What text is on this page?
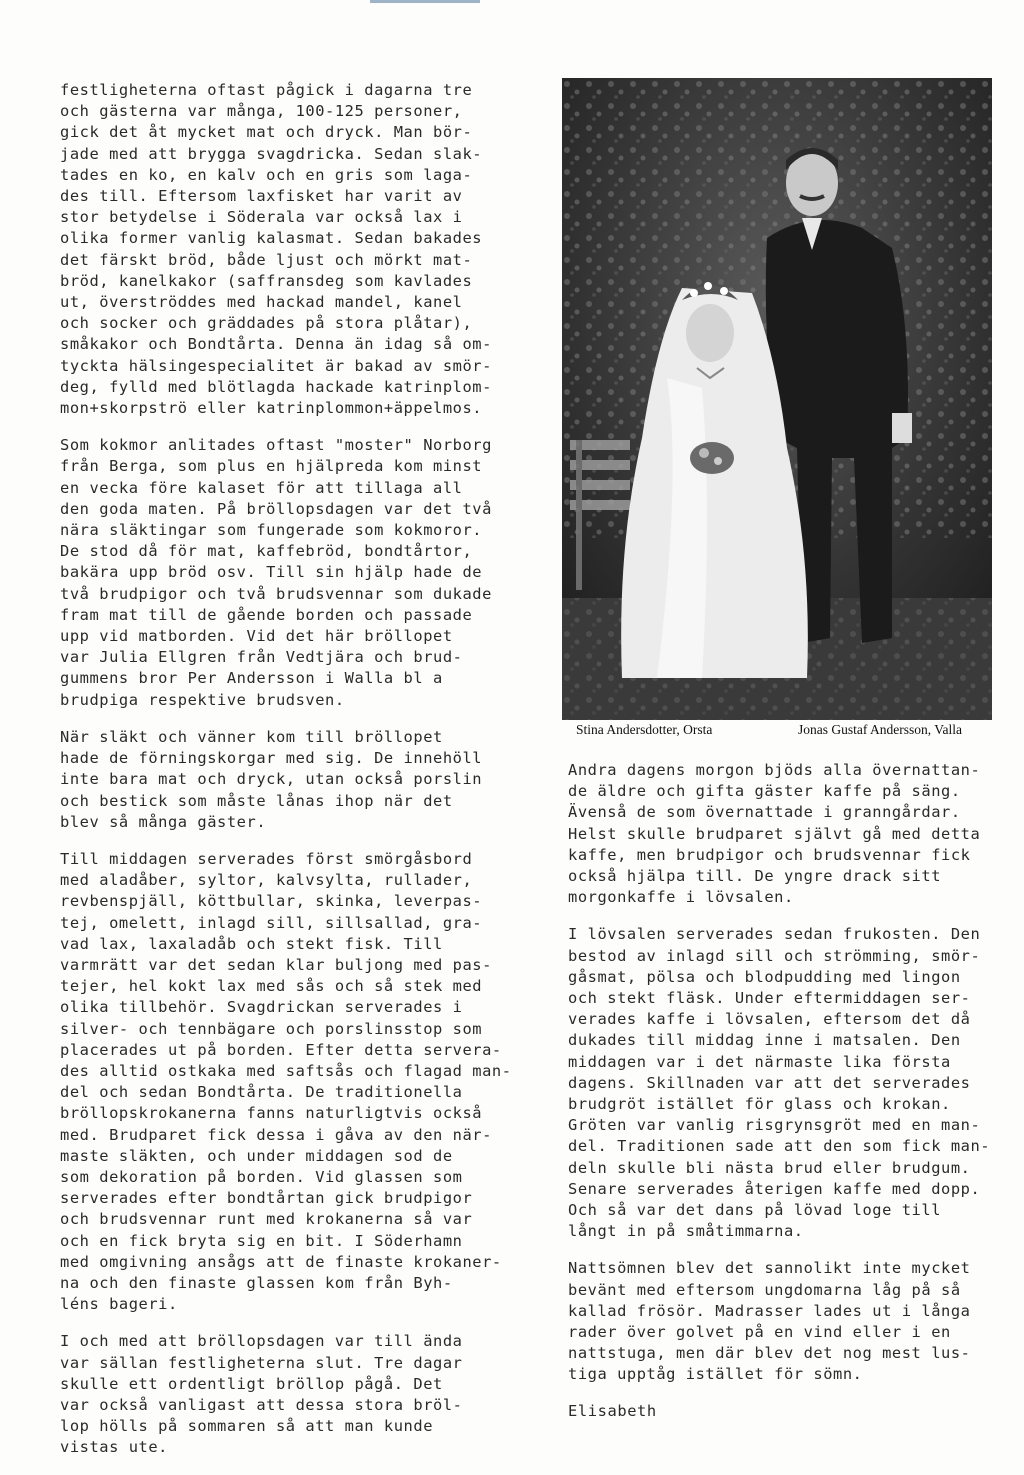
festligheterna oftast pågick i dagarna tre
och gästerna var många, 100-125 personer,
gick det åt mycket mat och dryck. Man bör-
jade med att brygga svagdricka. Sedan slak-
tades en ko, en kalv och en gris som laga-
des till. Eftersom laxfisket har varit av
stor betydelse i Söderala var också lax i
olika former vanlig kalasmat. Sedan bakades
det färskt bröd, både ljust och mörkt mat-
bröd, kanelkakor (saffransdeg som kavlades
ut, överströddes med hackad mandel, kanel
och socker och gräddades på stora plåtar),
småkakor och Bondtårta. Denna än idag så om-
tyckta hälsingespecialitet är bakad av smör-
deg, fylld med blötlagda hackade katrinplom-
mon+skorpströ eller katrinplommon+äppelmos.

Som kokmor anlitades oftast "moster" Norborg
från Berga, som plus en hjälpreda kom minst
en vecka före kalaset för att tillaga all
den goda maten. På bröllopsdagen var det två
nära släktingar som fungerade som kokmoror.
De stod då för mat, kaffebröd, bondtårtor,
bakära upp bröd osv. Till sin hjälp hade de
två brudpigor och två brudsvennar som dukade
fram mat till de gående borden och passade
upp vid matborden. Vid det här bröllopet
var Julia Ellgren från Vedtjära och brud-
gummens bror Per Andersson i Walla bl a
brudpiga respektive brudsven.

När släkt och vänner kom till bröllopet
hade de förningskorgar med sig. De innehöll
inte bara mat och dryck, utan också porslin
och bestick som måste lånas ihop när det
blev så många gäster.

Till middagen serverades först smörgåsbord
med aladåber, syltor, kalvsylta, rullader,
revbenspjäll, köttbullar, skinka, leverpas-
tej, omelett, inlagd sill, sillsallad, gra-
vad lax, laxaladåb och stekt fisk. Till
varmrätt var det sedan klar buljong med pas-
tejer, hel kokt lax med sås och så stek med
olika tillbehör. Svagdrickan serverades i
silver- och tennbägare och porslinsstop som
placerades ut på borden. Efter detta servera-
des alltid ostkaka med saftsås och flagad man-
del och sedan Bondtårta. De traditionella
bröllopskrokanerna fanns naturligtvis också
med. Brudparet fick dessa i gåva av den när-
maste släkten, och under middagen sod de
som dekoration på borden. Vid glassen som
serverades efter bondtårtan gick brudpigor
och brudsvennar runt med krokanerna så var
och en fick bryta sig en bit. I Söderhamn
med omgivning ansågs att de finaste krokaner-
na och den finaste glassen kom från Byh-
léns bageri.

I och med att bröllopsdagen var till ända
var sällan festligheterna slut. Tre dagar
skulle ett ordentligt bröllop pågå. Det
var också vanligast att dessa stora bröl-
lop hölls på sommaren så att man kunde
vistas ute.

Stina Andersdotter, Orsta	Jonas Gustaf Andersson, Valla

Andra dagens morgon bjöds alla övernattan-
de äldre och gifta gäster kaffe på säng.
Ävenså de som övernattade i granngårdar.
Helst skulle brudparet självt gå med detta
kaffe, men brudpigor och brudsvennar fick
också hjälpa till. De yngre drack sitt
morgonkaffe i lövsalen.

I lövsalen serverades sedan frukosten. Den
bestod av inlagd sill och strömming, smör-
gåsmat, pölsa och blodpudding med lingon
och stekt fläsk. Under eftermiddagen ser-
verades kaffe i lövsalen, eftersom det då
dukades till middag inne i matsalen. Den
middagen var i det närmaste lika första
dagens. Skillnaden var att det serverades
brudgröt istället för glass och krokan.
Gröten var vanlig risgrynsgröt med en man-
del. Traditionen sade att den som fick man-
deln skulle bli nästa brud eller brudgum.
Senare serverades återigen kaffe med dopp.
Och så var det dans på lövad loge till
långt in på småtimmarna.

Nattsömnen blev det sannolikt inte mycket
bevänt med eftersom ungdomarna låg på så
kallad frösör. Madrasser lades ut i långa
rader över golvet på en vind eller i en
nattstuga, men där blev det nog mest lus-
tiga upptåg istället för sömn.

Elisabeth
